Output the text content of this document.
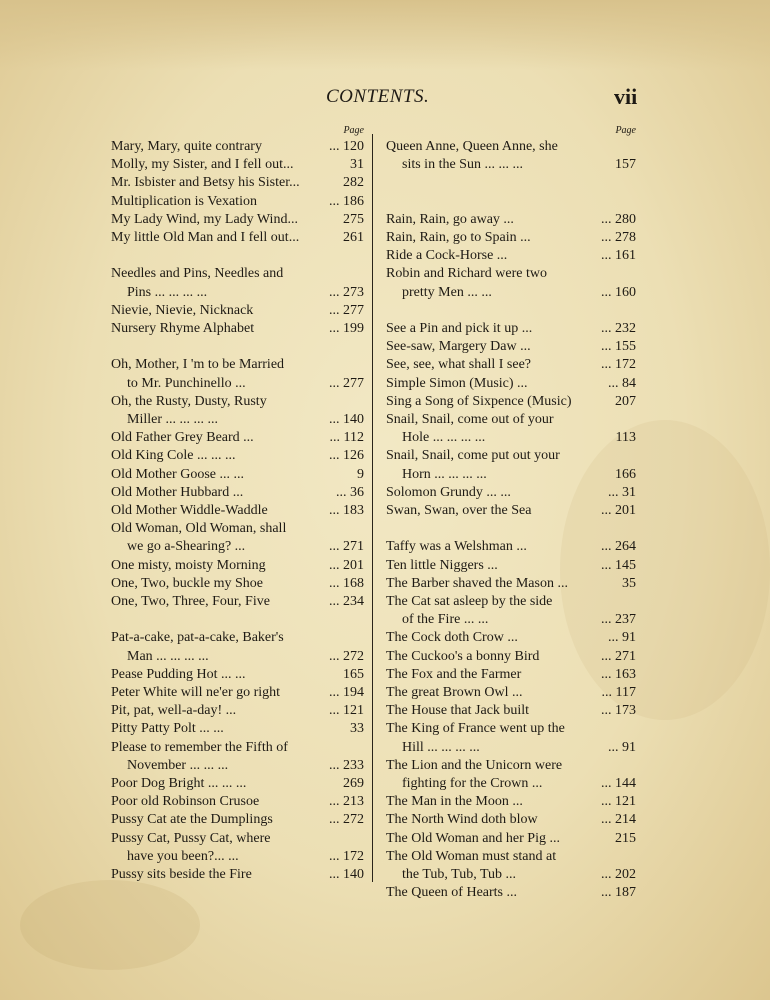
CONTENTS.	vii
Page
Mary, Mary, quite contrary	... 120
Molly, my Sister, and I fell out...	31
Mr. Isbister and Betsy his Sister...	282
Multiplication is Vexation	... 186
My Lady Wind, my Lady Wind...	275
My little Old Man and I fell out...	261
Needles and Pins, Needles and
Pins ... ... ... ...	... 273
Nievie, Nievie, Nicknack	... 277
Nursery Rhyme Alphabet	... 199
Oh, Mother, I 'm to be Married
to Mr. Punchinello ...	... 277
Oh, the Rusty, Dusty, Rusty
Miller ... ... ... ...	... 140
Old Father Grey Beard ...	... 112
Old King Cole ... ... ...	... 126
Old Mother Goose ... ...	9
Old Mother Hubbard ...	... 36
Old Mother Widdle-Waddle	... 183
Old Woman, Old Woman, shall
we go a-Shearing? ...	... 271
One misty, moisty Morning	... 201
One, Two, buckle my Shoe	... 168
One, Two, Three, Four, Five	... 234
Pat-a-cake, pat-a-cake, Baker's
Man ... ... ... ...	... 272
Pease Pudding Hot ... ...	165
Peter White will ne'er go right	... 194
Pit, pat, well-a-day! ...	... 121
Pitty Patty Polt ... ...	33
Please to remember the Fifth of
November ... ... ...	... 233
Poor Dog Bright ... ... ...	269
Poor old Robinson Crusoe	... 213
Pussy Cat ate the Dumplings	... 272
Pussy Cat, Pussy Cat, where
have you been?... ...	... 172
Pussy sits beside the Fire	... 140
Page
Queen Anne, Queen Anne, she
sits in the Sun ... ... ...	157
Rain, Rain, go away ...	... 280
Rain, Rain, go to Spain ...	... 278
Ride a Cock-Horse ...	... 161
Robin and Richard were two
pretty Men ... ...	... 160
See a Pin and pick it up ...	... 232
See-saw, Margery Daw ...	... 155
See, see, what shall I see?	... 172
Simple Simon (Music) ...	... 84
Sing a Song of Sixpence (Music)	207
Snail, Snail, come out of your
Hole ... ... ... ...	113
Snail, Snail, come put out your
Horn ... ... ... ...	166
Solomon Grundy ... ...	... 31
Swan, Swan, over the Sea	... 201
Taffy was a Welshman ...	... 264
Ten little Niggers ...	... 145
The Barber shaved the Mason ...	35
The Cat sat asleep by the side
of the Fire ... ...	... 237
The Cock doth Crow ...	... 91
The Cuckoo's a bonny Bird	... 271
The Fox and the Farmer	... 163
The great Brown Owl ...	... 117
The House that Jack built	... 173
The King of France went up the
Hill ... ... ... ...	... 91
The Lion and the Unicorn were
fighting for the Crown ...	... 144
The Man in the Moon ...	... 121
The North Wind doth blow	... 214
The Old Woman and her Pig ...	215
The Old Woman must stand at
the Tub, Tub, Tub ...	... 202
The Queen of Hearts ...	... 187
